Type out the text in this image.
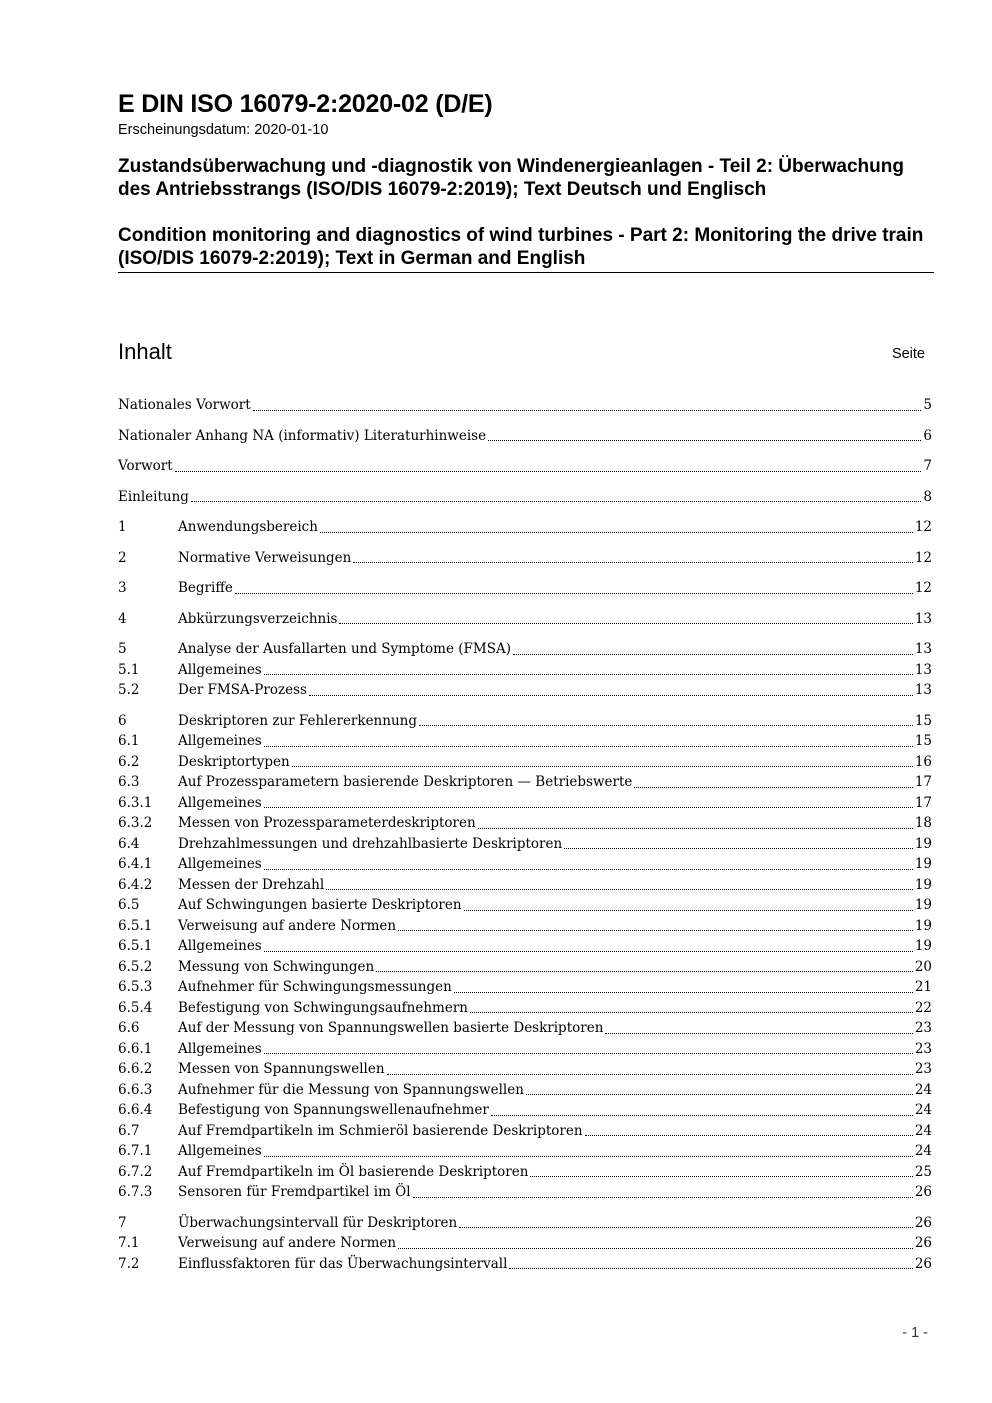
E DIN ISO 16079-2:2020-02 (D/E)
Erscheinungsdatum: 2020-01-10
Zustandsüberwachung und -diagnostik von Windenergieanlagen - Teil 2: Überwachung des Antriebsstrangs (ISO/DIS 16079-2:2019); Text Deutsch und Englisch
Condition monitoring and diagnostics of wind turbines - Part 2: Monitoring the drive train (ISO/DIS 16079-2:2019); Text in German and English
Inhalt	Seite
Nationales Vorwort	5
Nationaler Anhang NA (informativ) Literaturhinweise	6
Vorwort	7
Einleitung	8
1	Anwendungsbereich	12
2	Normative Verweisungen	12
3	Begriffe	12
4	Abkürzungsverzeichnis	13
5	Analyse der Ausfallarten und Symptome (FMSA)	13
5.1	Allgemeines	13
5.2	Der FMSA-Prozess	13
6	Deskriptoren zur Fehlererkennung	15
6.1	Allgemeines	15
6.2	Deskriptortypen	16
6.3	Auf Prozessparametern basierende Deskriptoren — Betriebswerte	17
6.3.1	Allgemeines	17
6.3.2	Messen von Prozessparameterdeskriptoren	18
6.4	Drehzahlmessungen und drehzahlbasierte Deskriptoren	19
6.4.1	Allgemeines	19
6.4.2	Messen der Drehzahl	19
6.5	Auf Schwingungen basierte Deskriptoren	19
6.5.1	Verweisung auf andere Normen	19
6.5.1	Allgemeines	19
6.5.2	Messung von Schwingungen	20
6.5.3	Aufnehmer für Schwingungsmessungen	21
6.5.4	Befestigung von Schwingungsaufnehmern	22
6.6	Auf der Messung von Spannungswellen basierte Deskriptoren	23
6.6.1	Allgemeines	23
6.6.2	Messen von Spannungswellen	23
6.6.3	Aufnehmer für die Messung von Spannungswellen	24
6.6.4	Befestigung von Spannungswellenaufnehmer	24
6.7	Auf Fremdpartikeln im Schmieröl basierende Deskriptoren	24
6.7.1	Allgemeines	24
6.7.2	Auf Fremdpartikeln im Öl basierende Deskriptoren	25
6.7.3	Sensoren für Fremdpartikel im Öl	26
7	Überwachungsintervall für Deskriptoren	26
7.1	Verweisung auf andere Normen	26
7.2	Einflussfaktoren für das Überwachungsintervall	26
- 1 -
